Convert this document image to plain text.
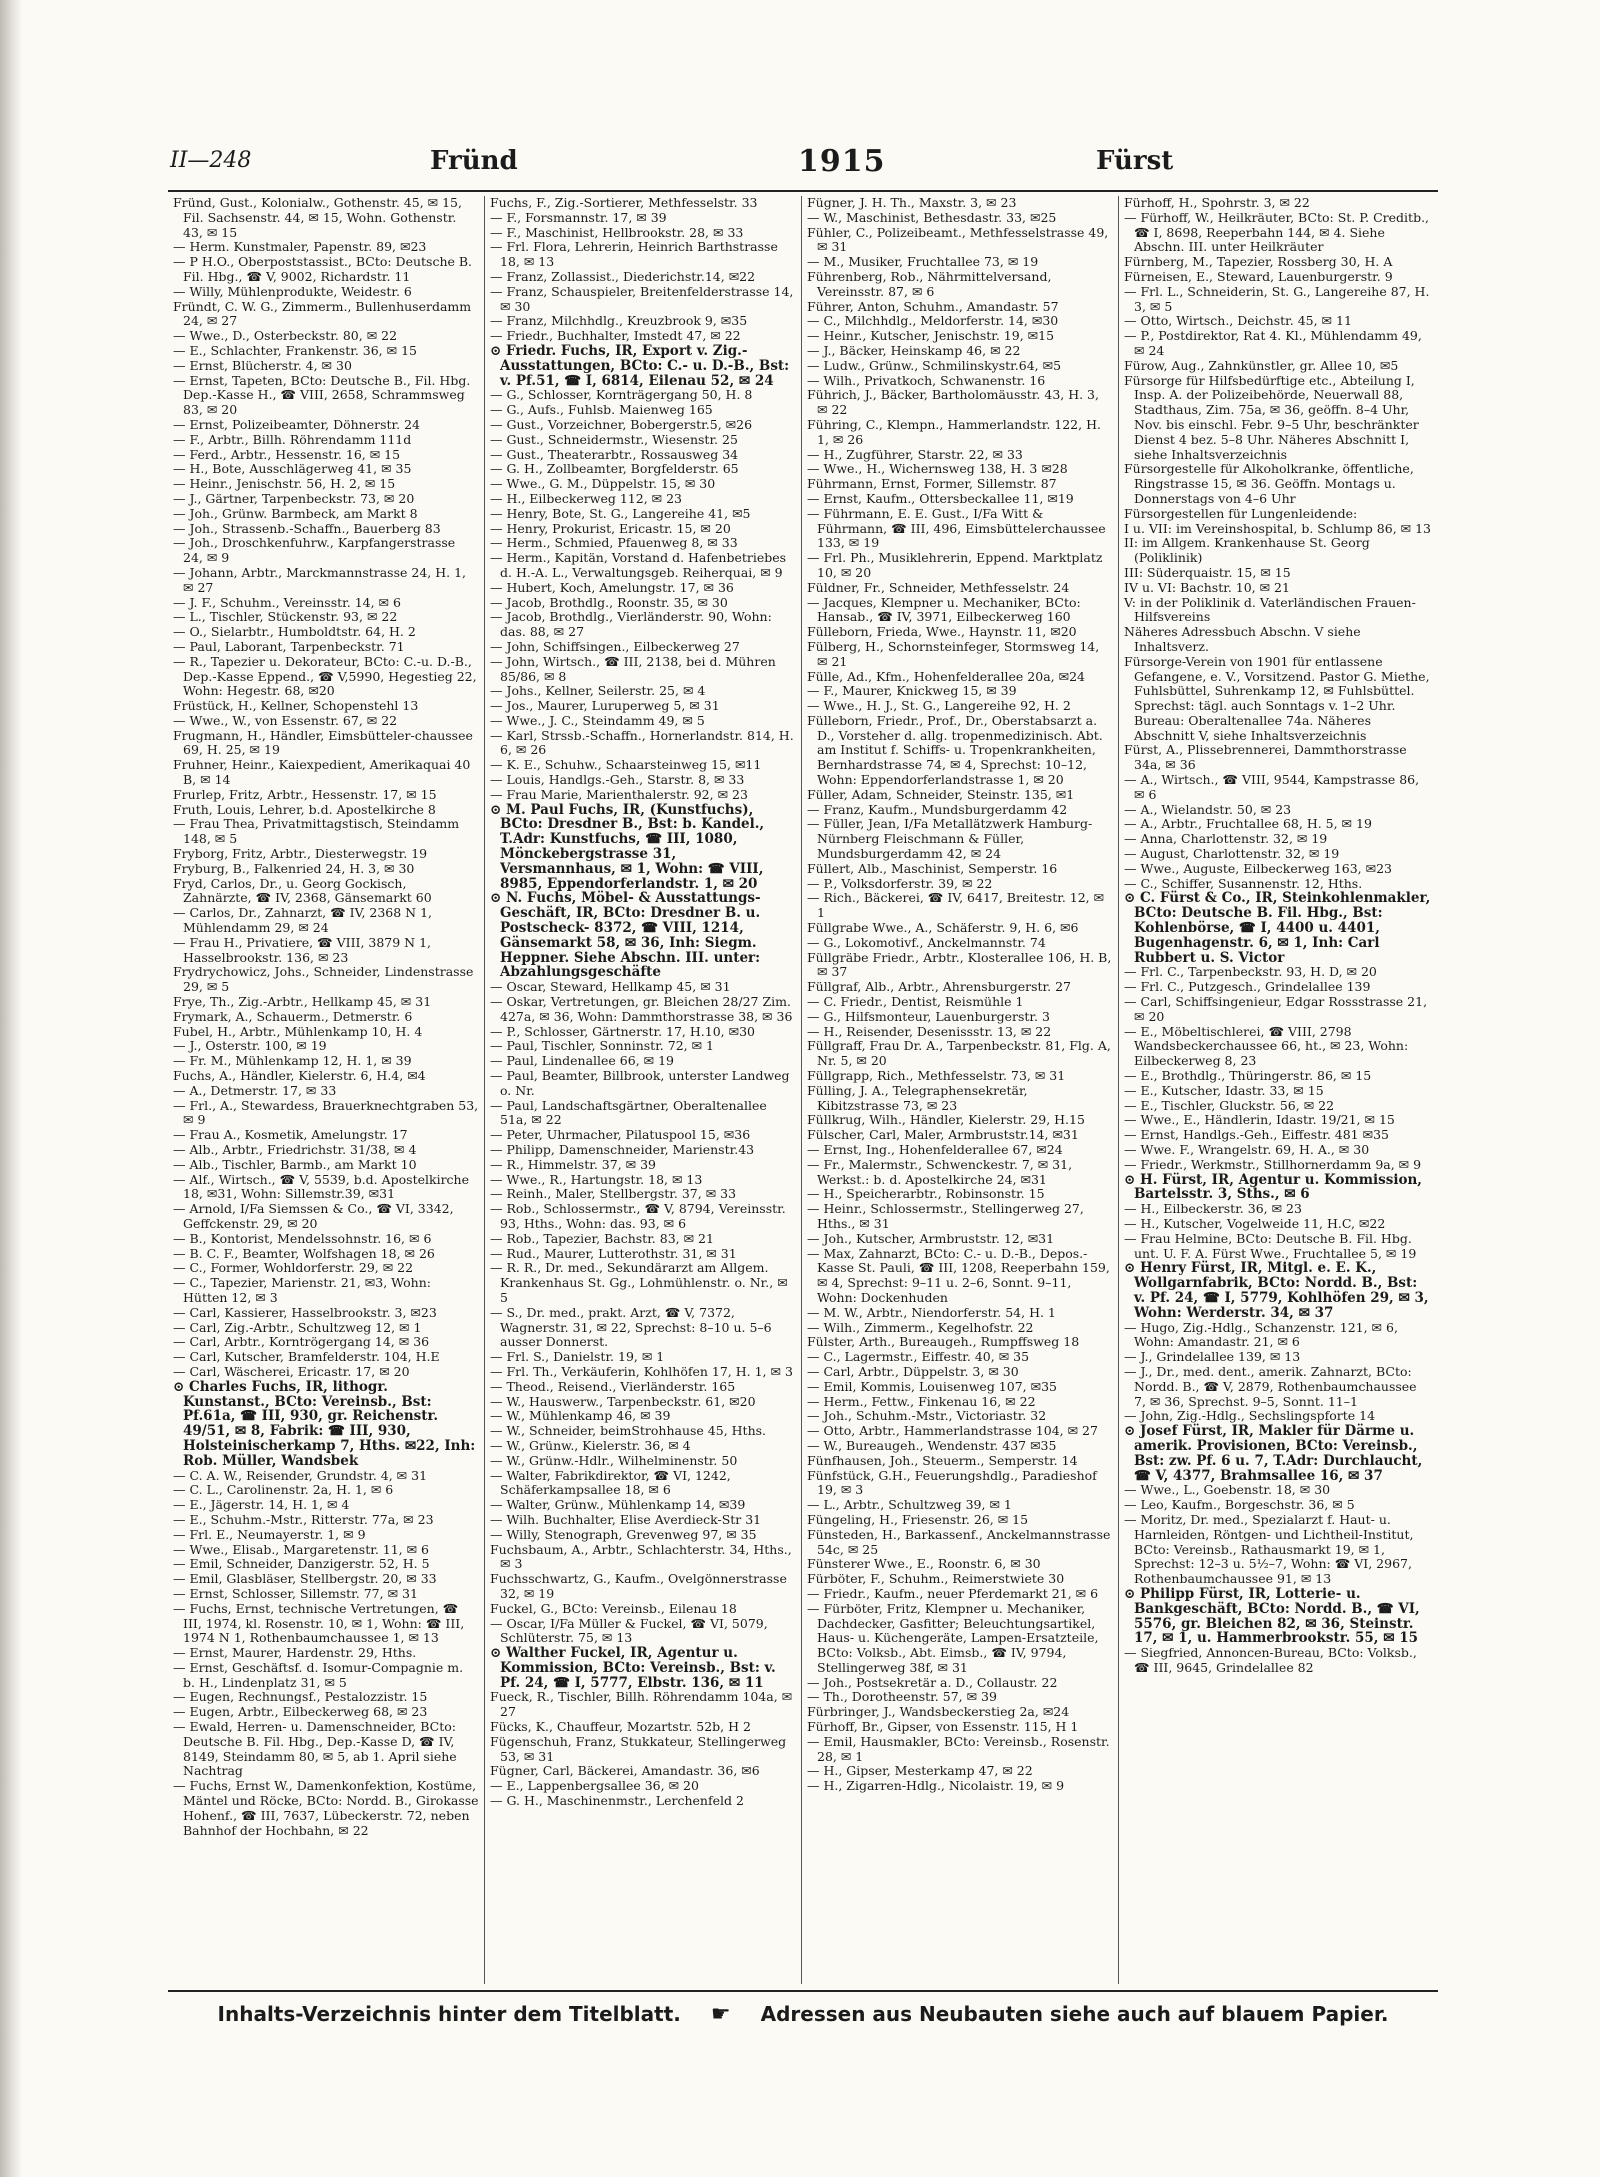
II—248	Fründ	1915	Fürst
Fründ, Gust., Kolonialw., Gothenstr. 45, ✉ 15, Fil. Sachsenstr. 44, ✉ 15, Wohn. Gothenstr. 43, ✉ 15
— Herm. Kunstmaler, Papenstr. 89, ✉23
— P H.O., Oberpoststassist., BCto: Deutsche B. Fil. Hbg., ☎ V, 9002, Richardstr. 11
— Willy, Mühlenprodukte, Weidestr. 6
Fründt, C. W. G., Zimmerm., Bullenhuserdamm 24, ✉ 27
— Wwe., D., Osterbeckstr. 80, ✉ 22
— E., Schlachter, Frankenstr. 36, ✉ 15
— Ernst, Blücherstr. 4, ✉ 30
— Ernst, Tapeten, BCto: Deutsche B., Fil. Hbg. Dep.-Kasse H., ☎ VIII, 2658, Schrammsweg 83, ✉ 20
— Ernst, Polizeibeamter, Döhnerstr. 24
— F., Arbtr., Billh. Röhrendamm 111d
— Ferd., Arbtr., Hessenstr. 16, ✉ 15
— H., Bote, Ausschlägerweg 41, ✉ 35
— Heinr., Jenischstr. 56, H. 2, ✉ 15
— J., Gärtner, Tarpenbeckstr. 73, ✉ 20
— Joh., Grünw. Barmbeck, am Markt 8
— Joh., Strassenb.-Schaffn., Bauerberg 83
— Joh., Droschkenfuhrw., Karpfangerstrasse 24, ✉ 9
— Johann, Arbtr., Marckmannstrasse 24, H. 1, ✉ 27
— J. F., Schuhm., Vereinsstr. 14, ✉ 6
— L., Tischler, Stückenstr. 93, ✉ 22
— O., Sielarbtr., Humboldtstr. 64, H. 2
— Paul, Laborant, Tarpenbeckstr. 71
— R., Tapezier u. Dekorateur, BCto: C.-u. D.-B., Dep.-Kasse Eppend., ☎ V,5990, Hegestieg 22, Wohn: Hegestr. 68, ✉20
Früstück, H., Kellner, Schopenstehl 13
— Wwe., W., von Essenstr. 67, ✉ 22
Frugmann, H., Händler, Eimsbütteler-chaussee 69, H. 25, ✉ 19
Fruhner, Heinr., Kaiexpedient, Amerikaquai 40 B, ✉ 14
Frurlep, Fritz, Arbtr., Hessenstr. 17, ✉ 15
Fruth, Louis, Lehrer, b.d. Apostelkirche 8
— Frau Thea, Privatmittagstisch, Steindamm 148, ✉ 5
Fryborg, Fritz, Arbtr., Diesterwegstr. 19
Fryburg, B., Falkenried 24, H. 3, ✉ 30
Fryd, Carlos, Dr., u. Georg Gockisch, Zahnärzte, ☎ IV, 2368, Gänsemarkt 60
— Carlos, Dr., Zahnarzt, ☎ IV, 2368 N 1, Mühlendamm 29, ✉ 24
— Frau H., Privatiere, ☎ VIII, 3879 N 1, Hasselbrookstr. 136, ✉ 23
Frydrychowicz, Johs., Schneider, Lindenstrasse 29, ✉ 5
Frye, Th., Zig.-Arbtr., Hellkamp 45, ✉ 31
Frymark, A., Schauerm., Detmerstr. 6
Fubel, H., Arbtr., Mühlenkamp 10, H. 4
— J., Osterstr. 100, ✉ 19
— Fr. M., Mühlenkamp 12, H. 1, ✉ 39
Fuchs, A., Händler, Kielerstr. 6, H.4, ✉4
— A., Detmerstr. 17, ✉ 33
— Frl., A., Stewardess, Brauerknechtgraben 53, ✉ 9
— Frau A., Kosmetik, Amelungstr. 17
— Alb., Arbtr., Friedrichstr. 31/38, ✉ 4
— Alb., Tischler, Barmb., am Markt 10
— Alf., Wirtsch., ☎ V, 5539, b.d. Apostelkirche 18, ✉31, Wohn: Sillemstr.39, ✉31
— Arnold, I/Fa Siemssen & Co., ☎ VI, 3342, Geffckenstr. 29, ✉ 20
— B., Kontorist, Mendelssohnstr. 16, ✉ 6
— B. C. F., Beamter, Wolfshagen 18, ✉ 26
— C., Former, Wohldorferstr. 29, ✉ 22
— C., Tapezier, Marienstr. 21, ✉3, Wohn: Hütten 12, ✉ 3
— Carl, Kassierer, Hasselbrookstr. 3, ✉23
— Carl, Zig.-Arbtr., Schultzweg 12, ✉ 1
— Carl, Arbtr., Korntrögergang 14, ✉ 36
— Carl, Kutscher, Bramfelderstr. 104, H.E
— Carl, Wäscherei, Ericastr. 17, ✉ 20
⊙ Charles Fuchs, IR, lithogr. Kunstanst., BCto: Vereinsb., Bst: Pf.61a, ☎ III, 930, gr. Reichenstr. 49/51, ✉ 8, Fabrik: ☎ III, 930, Holsteinischerkamp 7, Hths. ✉22, Inh: Rob. Müller, Wandsbek
— C. A. W., Reisender, Grundstr. 4, ✉ 31
— C. L., Carolinenstr. 2a, H. 1, ✉ 6
— E., Jägerstr. 14, H. 1, ✉ 4
— E., Schuhm.-Mstr., Ritterstr. 77a, ✉ 23
— Frl. E., Neumayerstr. 1, ✉ 9
— Wwe., Elisab., Margaretenstr. 11, ✉ 6
— Emil, Schneider, Danzigerstr. 52, H. 5
— Emil, Glasbläser, Stellbergstr. 20, ✉ 33
— Ernst, Schlosser, Sillemstr. 77, ✉ 31
— Fuchs, Ernst, technische Vertretungen, ☎ III, 1974, kl. Rosenstr. 10, ✉ 1, Wohn: ☎ III, 1974 N 1, Rothenbaumchaussee 1, ✉ 13
— Ernst, Maurer, Hardenstr. 29, Hths.
— Ernst, Geschäftsf. d. Isomur-Compagnie m. b. H., Lindenplatz 31, ✉ 5
— Eugen, Rechnungsf., Pestalozzistr. 15
— Eugen, Arbtr., Eilbeckerweg 68, ✉ 23
— Ewald, Herren- u. Damenschneider, BCto: Deutsche B. Fil. Hbg., Dep.-Kasse D, ☎ IV, 8149, Steindamm 80, ✉ 5, ab 1. April siehe Nachtrag
— Fuchs, Ernst W., Damenkonfektion, Kostüme, Mäntel und Röcke, BCto: Nordd. B., Girokasse Hohenf., ☎ III, 7637, Lübeckerstr. 72, neben Bahnhof der Hochbahn, ✉ 22
Fuchs, F., Zig.-Sortierer, Methfesselstr. 33
— F., Forsmannstr. 17, ✉ 39
— F., Maschinist, Hellbrookstr. 28, ✉ 33
— Frl. Flora, Lehrerin, Heinrich Barthstrasse 18, ✉ 13
— Franz, Zollassist., Diederichstr.14, ✉22
— Franz, Schauspieler, Breitenfelderstrasse 14, ✉ 30
— Franz, Milchhdlg., Kreuzbrook 9, ✉35
— Friedr., Buchhalter, Imstedt 47, ✉ 22
⊙ Friedr. Fuchs, IR, Export v. Zig.-Ausstattungen, BCto: C.- u. D.-B., Bst: v. Pf.51, ☎ I, 6814, Eilenau 52, ✉ 24
— G., Schlosser, Kornträgergang 50, H. 8
— G., Aufs., Fuhlsb. Maienweg 165
— Gust., Vorzeichner, Bobergerstr.5, ✉26
— Gust., Schneidermstr., Wiesenstr. 25
— Gust., Theaterarbtr., Rossausweg 34
— G. H., Zollbeamter, Borgfelderstr. 65
— Wwe., G. M., Düppelstr. 15, ✉ 30
— H., Eilbeckerweg 112, ✉ 23
— Henry, Bote, St. G., Langereihe 41, ✉5
— Henry, Prokurist, Ericastr. 15, ✉ 20
— Herm., Schmied, Pfauenweg 8, ✉ 33
— Herm., Kapitän, Vorstand d. Hafenbetriebes d. H.-A. L., Verwaltungsgeb. Reiherquai, ✉ 9
— Hubert, Koch, Amelungstr. 17, ✉ 36
— Jacob, Brothdlg., Roonstr. 35, ✉ 30
— Jacob, Brothdlg., Vierländerstr. 90, Wohn: das. 88, ✉ 27
— John, Schiffsingen., Eilbeckerweg 27
— John, Wirtsch., ☎ III, 2138, bei d. Mühren 85/86, ✉ 8
— Johs., Kellner, Seilerstr. 25, ✉ 4
— Jos., Maurer, Luruperweg 5, ✉ 31
— Wwe., J. C., Steindamm 49, ✉ 5
— Karl, Strssb.-Schaffn., Hornerlandstr. 814, H. 6, ✉ 26
— K. E., Schuhw., Schaarsteinweg 15, ✉11
— Louis, Handlgs.-Geh., Starstr. 8, ✉ 33
— Frau Marie, Marienthalerstr. 92, ✉ 23
⊙ M. Paul Fuchs, IR, (Kunstfuchs), BCto: Dresdner B., Bst: b. Kandel., T.Adr: Kunstfuchs, ☎ III, 1080, Mönckebergstrasse 31, Versmannhaus, ✉ 1, Wohn: ☎ VIII, 8985, Eppendorferlandstr. 1, ✉ 20
⊙ N. Fuchs, Möbel- & Ausstattungs-Geschäft, IR, BCto: Dresdner B. u. Postscheck- 8372, ☎ VIII, 1214, Gänsemarkt 58, ✉ 36, Inh: Siegm. Heppner. Siehe Abschn. III. unter: Abzahlungsgeschäfte
— Oscar, Steward, Hellkamp 45, ✉ 31
— Oskar, Vertretungen, gr. Bleichen 28/27 Zim. 427a, ✉ 36, Wohn: Dammthorstrasse 38, ✉ 36
— P., Schlosser, Gärtnerstr. 17, H.10, ✉30
— Paul, Tischler, Sonninstr. 72, ✉ 1
— Paul, Lindenallee 66, ✉ 19
— Paul, Beamter, Billbrook, unterster Landweg o. Nr.
— Paul, Landschaftsgärtner, Oberaltenallee 51a, ✉ 22
— Peter, Uhrmacher, Pilatuspool 15, ✉36
— Philipp, Damenschneider, Marienstr.43
— R., Himmelstr. 37, ✉ 39
— Wwe., R., Hartungstr. 18, ✉ 13
— Reinh., Maler, Stellbergstr. 37, ✉ 33
— Rob., Schlossermstr., ☎ V, 8794, Vereinsstr. 93, Hths., Wohn: das. 93, ✉ 6
— Rob., Tapezier, Bachstr. 83, ✉ 21
— Rud., Maurer, Lutterothstr. 31, ✉ 31
— R. R., Dr. med., Sekundärarzt am Allgem. Krankenhaus St. Gg., Lohmühlenstr. o. Nr., ✉ 5
— S., Dr. med., prakt. Arzt, ☎ V, 7372, Wagnerstr. 31, ✉ 22, Sprechst: 8–10 u. 5–6 ausser Donnerst.
— Frl. S., Danielstr. 19, ✉ 1
— Frl. Th., Verkäuferin, Kohlhöfen 17, H. 1, ✉ 3
— Theod., Reisend., Vierländerstr. 165
— W., Hauswerw., Tarpenbeckstr. 61, ✉20
— W., Mühlenkamp 46, ✉ 39
— W., Schneider, beimStrohhause 45, Hths.
— W., Grünw., Kielerstr. 36, ✉ 4
— W., Grünw.-Hdlr., Wilhelminenstr. 50
— Walter, Fabrikdirektor, ☎ VI, 1242, Schäferkampsallee 18, ✉ 6
— Walter, Grünw., Mühlenkamp 14, ✉39
— Wilh. Buchhalter, Elise Averdieck-Str 31
— Willy, Stenograph, Grevenweg 97, ✉ 35
Fuchsbaum, A., Arbtr., Schlachterstr. 34, Hths., ✉ 3
Fuchsschwartz, G., Kaufm., Ovelgönnerstrasse 32, ✉ 19
Fuckel, G., BCto: Vereinsb., Eilenau 18
— Oscar, I/Fa Müller & Fuckel, ☎ VI, 5079, Schlüterstr. 75, ✉ 13
⊙ Walther Fuckel, IR, Agentur u. Kommission, BCto: Vereinsb., Bst: v. Pf. 24, ☎ I, 5777, Elbstr. 136, ✉ 11
Fueck, R., Tischler, Billh. Röhrendamm 104a, ✉ 27
Fücks, K., Chauffeur, Mozartstr. 52b, H 2
Fügenschuh, Franz, Stukkateur, Stellingerweg 53, ✉ 31
Fügner, Carl, Bäckerei, Amandastr. 36, ✉6
— E., Lappenbergsallee 36, ✉ 20
— G. H., Maschinenmstr., Lerchenfeld 2
Fügner, J. H. Th., Maxstr. 3, ✉ 23
— W., Maschinist, Bethesdastr. 33, ✉25
Fühler, C., Polizeibeamt., Methfesselstrasse 49, ✉ 31
— M., Musiker, Fruchtallee 73, ✉ 19
Führenberg, Rob., Nährmittelversand, Vereinsstr. 87, ✉ 6
Führer, Anton, Schuhm., Amandastr. 57
— C., Milchhdlg., Meldorferstr. 14, ✉30
— Heinr., Kutscher, Jenischstr. 19, ✉15
— J., Bäcker, Heinskamp 46, ✉ 22
— Ludw., Grünw., Schmilinskystr.64, ✉5
— Wilh., Privatkoch, Schwanenstr. 16
Führich, J., Bäcker, Bartholomäusstr. 43, H. 3, ✉ 22
Führing, C., Klempn., Hammerlandstr. 122, H. 1, ✉ 26
— H., Zugführer, Starstr. 22, ✉ 33
— Wwe., H., Wichernsweg 138, H. 3 ✉28
Führmann, Ernst, Former, Sillemstr. 87
— Ernst, Kaufm., Ottersbeckallee 11, ✉19
— Führmann, E. E. Gust., I/Fa Witt & Führmann, ☎ III, 496, Eimsbüttelerchaussee 133, ✉ 19
— Frl. Ph., Musiklehrerin, Eppend. Marktplatz 10, ✉ 20
Füldner, Fr., Schneider, Methfesselstr. 24
— Jacques, Klempner u. Mechaniker, BCto: Hansab., ☎ IV, 3971, Eilbeckerweg 160
Fülleborn, Frieda, Wwe., Haynstr. 11, ✉20
Fülberg, H., Schornsteinfeger, Stormsweg 14, ✉ 21
Fülle, Ad., Kfm., Hohenfelderallee 20a, ✉24
— F., Maurer, Knickweg 15, ✉ 39
— Wwe., H. J., St. G., Langereihe 92, H. 2
Fülleborn, Friedr., Prof., Dr., Oberstabsarzt a. D., Vorsteher d. allg. tropenmedizinisch. Abt. am Institut f. Schiffs- u. Tropenkrankheiten, Bernhardstrasse 74, ✉ 4, Sprechst: 10–12, Wohn: Eppendorferlandstrasse 1, ✉ 20
Füller, Adam, Schneider, Steinstr. 135, ✉1
— Franz, Kaufm., Mundsburgerdamm 42
— Füller, Jean, I/Fa Metallätzwerk Hamburg-Nürnberg Fleischmann & Füller, Mundsburgerdamm 42, ✉ 24
Füllert, Alb., Maschinist, Semperstr. 16
— P., Volksdorferstr. 39, ✉ 22
— Rich., Bäckerei, ☎ IV, 6417, Breitestr. 12, ✉ 1
Füllgrabe Wwe., A., Schäferstr. 9, H. 6, ✉6
— G., Lokomotivf., Anckelmannstr. 74
Füllgräbe Friedr., Arbtr., Klosterallee 106, H. B, ✉ 37
Füllgraf, Alb., Arbtr., Ahrensburgerstr. 27
— C. Friedr., Dentist, Reismühle 1
— G., Hilfsmonteur, Lauenburgerstr. 3
— H., Reisender, Desenissstr. 13, ✉ 22
Füllgraff, Frau Dr. A., Tarpenbeckstr. 81, Flg. A, Nr. 5, ✉ 20
Füllgrapp, Rich., Methfesselstr. 73, ✉ 31
Fülling, J. A., Telegraphensekretär, Kibitzstrasse 73, ✉ 23
Füllkrug, Wilh., Händler, Kielerstr. 29, H.15
Fülscher, Carl, Maler, Armbruststr.14, ✉31
— Ernst, Ing., Hohenfelderallee 67, ✉24
— Fr., Malermstr., Schwenckestr. 7, ✉ 31, Werkst.: b. d. Apostelkirche 24, ✉31
— H., Speicherarbtr., Robinsonstr. 15
— Heinr., Schlossermstr., Stellingerweg 27, Hths., ✉ 31
— Joh., Kutscher, Armbruststr. 12, ✉31
— Max, Zahnarzt, BCto: C.- u. D.-B., Depos.-Kasse St. Pauli, ☎ III, 1208, Reeperbahn 159, ✉ 4, Sprechst: 9–11 u. 2–6, Sonnt. 9–11, Wohn: Dockenhuden
— M. W., Arbtr., Niendorferstr. 54, H. 1
— Wilh., Zimmerm., Kegelhofstr. 22
Fülster, Arth., Bureaugeh., Rumpffsweg 18
— C., Lagermstr., Eiffestr. 40, ✉ 35
— Carl, Arbtr., Düppelstr. 3, ✉ 30
— Emil, Kommis, Louisenweg 107, ✉35
— Herm., Fettw., Finkenau 16, ✉ 22
— Joh., Schuhm.-Mstr., Victoriastr. 32
— Otto, Arbtr., Hammerlandstrasse 104, ✉ 27
— W., Bureaugeh., Wendenstr. 437 ✉35
Fünfhausen, Joh., Steuerm., Semperstr. 14
Fünfstück, G.H., Feuerungshdlg., Paradieshof 19, ✉ 3
— L., Arbtr., Schultzweg 39, ✉ 1
Füngeling, H., Friesenstr. 26, ✉ 15
Fünsteden, H., Barkassenf., Anckelmannstrasse 54c, ✉ 25
Fünsterer Wwe., E., Roonstr. 6, ✉ 30
Fürböter, F., Schuhm., Reimerstwiete 30
— Friedr., Kaufm., neuer Pferdemarkt 21, ✉ 6
— Fürböter, Fritz, Klempner u. Mechaniker, Dachdecker, Gasfitter; Beleuchtungsartikel, Haus- u. Küchengeräte, Lampen-Ersatzteile, BCto: Volksb., Abt. Eimsb., ☎ IV, 9794, Stellingerweg 38f, ✉ 31
— Joh., Postsekretär a. D., Collaustr. 22
— Th., Dorotheenstr. 57, ✉ 39
Fürbringer, J., Wandsbeckerstieg 2a, ✉24
Fürhoff, Br., Gipser, von Essenstr. 115, H 1
— Emil, Hausmakler, BCto: Vereinsb., Rosenstr. 28, ✉ 1
— H., Gipser, Mesterkamp 47, ✉ 22
— H., Zigarren-Hdlg., Nicolaistr. 19, ✉ 9
Fürhoff, H., Spohrstr. 3, ✉ 22
— Fürhoff, W., Heilkräuter, BCto: St. P. Creditb., ☎ I, 8698, Reeperbahn 144, ✉ 4. Siehe Abschn. III. unter Heilkräuter
Fürnberg, M., Tapezier, Rossberg 30, H. A
Fürneisen, E., Steward, Lauenburgerstr. 9
— Frl. L., Schneiderin, St. G., Langereihe 87, H. 3, ✉ 5
— Otto, Wirtsch., Deichstr. 45, ✉ 11
— P., Postdirektor, Rat 4. Kl., Mühlendamm 49, ✉ 24
Fürow, Aug., Zahnkünstler, gr. Allee 10, ✉5
Fürsorge für Hilfsbedürftige etc., Abteilung I, Insp. A. der Polizeibehörde, Neuerwall 88, Stadthaus, Zim. 75a, ✉ 36, geöffn. 8–4 Uhr, Nov. bis einschl. Febr. 9–5 Uhr, beschränkter Dienst 4 bez. 5–8 Uhr. Näheres Abschnitt I, siehe Inhaltsverzeichnis
Fürsorgestelle für Alkoholkranke, öffentliche, Ringstrasse 15, ✉ 36. Geöffn. Montags u. Donnerstags von 4–6 Uhr
Fürsorgestellen für Lungenleidende:
I u. VII: im Vereinshospital, b. Schlump 86, ✉ 13
II: im Allgem. Krankenhause St. Georg (Poliklinik)
III: Süderquaistr. 15, ✉ 15
IV u. VI: Bachstr. 10, ✉ 21
V: in der Poliklinik d. Vaterländischen Frauen-Hilfsvereins
Näheres Adressbuch Abschn. V siehe Inhaltsverz.
Fürsorge-Verein von 1901 für entlassene Gefangene, e. V., Vorsitzend. Pastor G. Miethe, Fuhlsbüttel, Suhrenkamp 12, ✉ Fuhlsbüttel. Sprechst: tägl. auch Sonntags v. 1–2 Uhr. Bureau: Oberaltenallee 74a. Näheres Abschnitt V, siehe Inhaltsverzeichnis
Fürst, A., Plissebrennerei, Dammthorstrasse 34a, ✉ 36
— A., Wirtsch., ☎ VIII, 9544, Kampstrasse 86, ✉ 6
— A., Wielandstr. 50, ✉ 23
— A., Arbtr., Fruchtallee 68, H. 5, ✉ 19
— Anna, Charlottenstr. 32, ✉ 19
— August, Charlottenstr. 32, ✉ 19
— Wwe., Auguste, Eilbeckerweg 163, ✉23
— C., Schiffer, Susannenstr. 12, Hths.
⊙ C. Fürst & Co., IR, Steinkohlenmakler, BCto: Deutsche B. Fil. Hbg., Bst: Kohlenbörse, ☎ I, 4400 u. 4401, Bugenhagenstr. 6, ✉ 1, Inh: Carl Rubbert u. S. Victor
— Frl. C., Tarpenbeckstr. 93, H. D, ✉ 20
— Frl. C., Putzgesch., Grindelallee 139
— Carl, Schiffsingenieur, Edgar Rossstrasse 21, ✉ 20
— E., Möbeltischlerei, ☎ VIII, 2798 Wandsbeckerchaussee 66, ht., ✉ 23, Wohn: Eilbeckerweg 8, 23
— E., Brothdlg., Thüringerstr. 86, ✉ 15
— E., Kutscher, Idastr. 33, ✉ 15
— E., Tischler, Gluckstr. 56, ✉ 22
— Wwe., E., Händlerin, Idastr. 19/21, ✉ 15
— Ernst, Handlgs.-Geh., Eiffestr. 481 ✉35
— Wwe. F., Wrangelstr. 69, H. A., ✉ 30
— Friedr., Werkmstr., Stillhornerdamm 9a, ✉ 9
⊙ H. Fürst, IR, Agentur u. Kommission, Bartelsstr. 3, Sths., ✉ 6
— H., Eilbeckerstr. 36, ✉ 23
— H., Kutscher, Vogelweide 11, H.C, ✉22
— Frau Helmine, BCto: Deutsche B. Fil. Hbg. unt. U. F. A. Fürst Wwe., Fruchtallee 5, ✉ 19
⊙ Henry Fürst, IR, Mitgl. e. E. K., Wollgarnfabrik, BCto: Nordd. B., Bst: v. Pf. 24, ☎ I, 5779, Kohlhöfen 29, ✉ 3, Wohn: Werderstr. 34, ✉ 37
— Hugo, Zig.-Hdlg., Schanzenstr. 121, ✉ 6, Wohn: Amandastr. 21, ✉ 6
— J., Grindelallee 139, ✉ 13
— J., Dr., med. dent., amerik. Zahnarzt, BCto: Nordd. B., ☎ V, 2879, Rothenbaumchaussee 7, ✉ 36, Sprechst. 9–5, Sonnt. 11–1
— John, Zig.-Hdlg., Sechslingspforte 14
⊙ Josef Fürst, IR, Makler für Därme u. amerik. Provisionen, BCto: Vereinsb., Bst: zw. Pf. 6 u. 7, T.Adr: Durchlaucht, ☎ V, 4377, Brahmsallee 16, ✉ 37
— Wwe., L., Goebenstr. 18, ✉ 30
— Leo, Kaufm., Borgeschstr. 36, ✉ 5
— Moritz, Dr. med., Spezialarzt f. Haut- u. Harnleiden, Röntgen- und Lichtheil-Institut, BCto: Vereinsb., Rathausmarkt 19, ✉ 1, Sprechst: 12–3 u. 5½–7, Wohn: ☎ VI, 2967, Rothenbaumchaussee 91, ✉ 13
⊙ Philipp Fürst, IR, Lotterie- u. Bankgeschäft, BCto: Nordd. B., ☎ VI, 5576, gr. Bleichen 82, ✉ 36, Steinstr. 17, ✉ 1, u. Hammerbrookstr. 55, ✉ 15
— Siegfried, Annoncen-Bureau, BCto: Volksb., ☎ III, 9645, Grindelallee 82
Inhalts-Verzeichnis hinter dem Titelblatt. ☛ Adressen aus Neubauten siehe auch auf blauem Papier.
